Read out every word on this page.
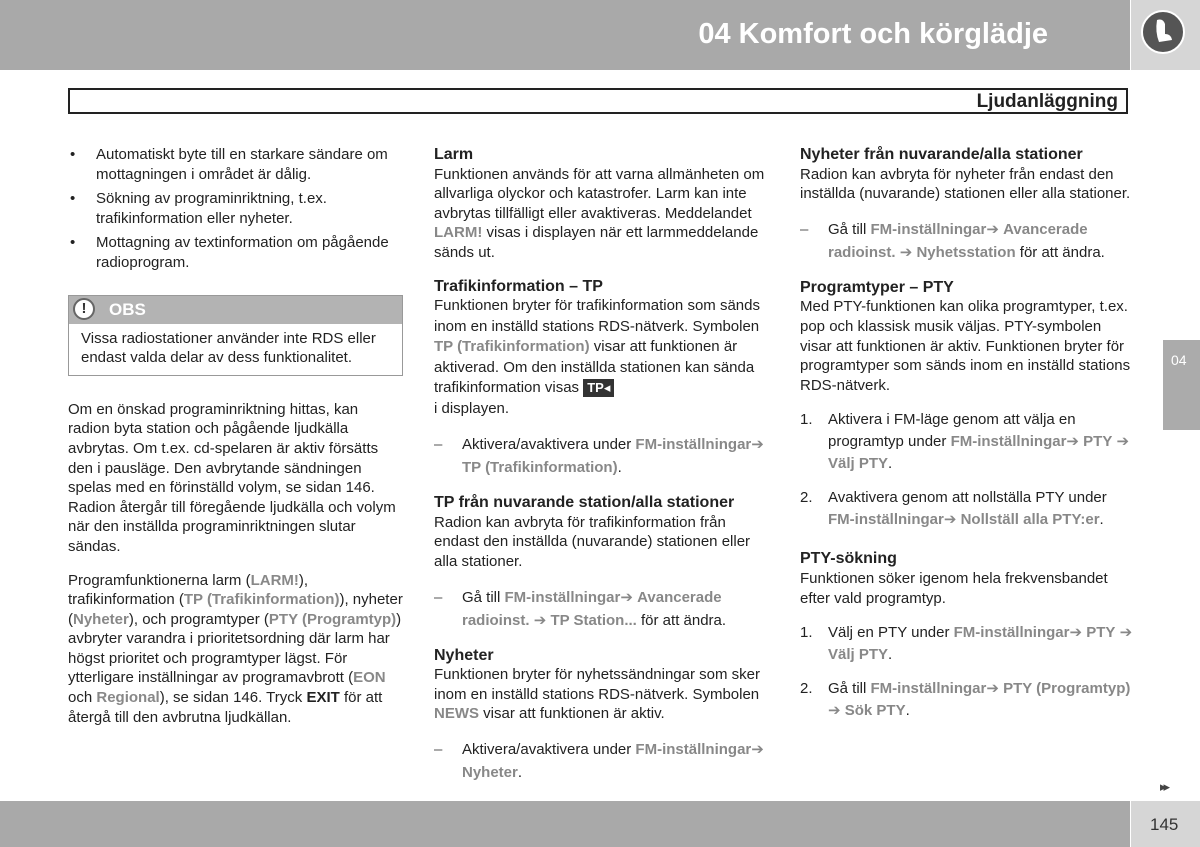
04 Komfort och körglädje
Ljudanläggning
• Automatiskt byte till en starkare sändare om mottagningen i området är dålig.
• Sökning av programinriktning, t.ex. trafikinformation eller nyheter.
• Mottagning av textinformation om pågående radioprogram.
!	OBS
Vissa radiostationer använder inte RDS eller endast valda delar av dess funktionalitet.

Om en önskad programinriktning hittas, kan radion byta station och pågående ljudkälla avbrytas. Om t.ex. cd-spelaren är aktiv försätts den i pausläge. Den avbrytande sändningen spelas med en förinställd volym, se sidan 146. Radion återgår till föregående ljudkälla och volym när den inställda programinriktningen slutar sändas.

Programfunktionerna larm (LARM!), trafikinformation (TP (Trafikinformation)), nyheter (Nyheter), och programtyper (PTY (Programtyp)) avbryter varandra i prioritetsordning där larm har högst prioritet och programtyper lägst. För ytterligare inställningar av programavbrott (EON och Regional), se sidan 146. Tryck EXIT för att återgå till den avbrutna ljudkällan.

Larm

Funktionen används för att varna allmänheten om allvarliga olyckor och katastrofer. Larm kan inte avbrytas tillfälligt eller avaktiveras. Meddelandet LARM! visas i displayen när ett larmmeddelande sänds ut.

Trafikinformation – TP

Funktionen bryter för trafikinformation som sänds inom en inställd stations RDS-nätverk. Symbolen TP (Trafikinformation) visar att funktionen är aktiverad. Om den inställda stationen kan sända trafikinformation visas TP◂
i displayen.

– Aktivera/avaktivera under FM-inställningar➔ TP (Trafikinformation).
TP från nuvarande station/alla stationer

Radion kan avbryta för trafikinformation från endast den inställda (nuvarande) stationen eller alla stationer.

– Gå till FM-inställningar➔ Avancerade radioinst. ➔ TP Station... för att ändra.
Nyheter

Funktionen bryter för nyhetssändningar som sker inom en inställd stations RDS-nätverk. Symbolen NEWS visar att funktionen är aktiv.

– Aktivera/avaktivera under FM-inställningar➔ Nyheter.
Nyheter från nuvarande/alla stationer

Radion kan avbryta för nyheter från endast den inställda (nuvarande) stationen eller alla stationer.

– Gå till FM-inställningar➔ Avancerade radioinst. ➔ Nyhetsstation för att ändra.
Programtyper – PTY

Med PTY-funktionen kan olika programtyper, t.ex. pop och klassisk musik väljas. PTY-symbolen visar att funktionen är aktiv. Funktionen bryter för programtyper som sänds inom en inställd stations RDS-nätverk.

1. Aktivera i FM-läge genom att välja en programtyp under FM-inställningar➔ PTY ➔ Välj PTY.
2. Avaktivera genom att nollställa PTY under FM-inställningar➔ Nollställ alla PTY:er.
PTY-sökning

Funktionen söker igenom hela frekvensbandet efter vald programtyp.

1. Välj en PTY under FM-inställningar➔ PTY ➔ Välj PTY.
2. Gå till FM-inställningar➔ PTY (Programtyp) ➔ Sök PTY.
04
▸▸
145
